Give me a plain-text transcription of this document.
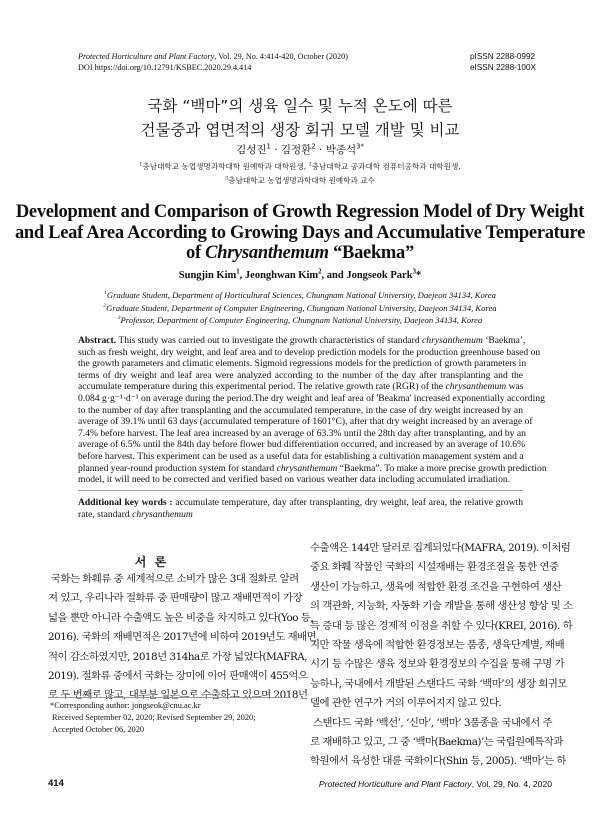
Protected Horticulture and Plant Factory, Vol. 29, No. 4:414-420, October (2020)
DOI https://doi.org/10.12791/KSBEC.2020.29.4.414
pISSN 2288-0992
eISSN 2288-100X
국화 “백마”의 생육 일수 및 누적 온도에 따른
건물중과 엽면적의 생장 회귀 모델 개발 및 비교
김성진$^1$ · 김정환$^2$ · 박종석$^{3*}$
$^1$충남대학교 농업생명과학대학 원예학과 대학원생, $^2$충남대학교 공과대학 컴퓨터공학과 대학원생,
$^3$충남대학교 농업생명과학대학 원예학과 교수
Development and Comparison of Growth Regression Model of Dry Weight
and Leaf Area According to Growing Days and Accumulative Temperature
of Chrysanthemum “Baekma”
Sungjin Kim$^1$, Jeonghwan Kim$^2$, and Jongseok Park$^3$*
$^1$Graduate Student, Department of Horticultural Sciences, Chungnam National University, Daejeon 34134, Korea
$^2$Graduate Student, Department of Computer Engineering, Chungnam National University, Daejeon 34134, Korea
$^3$Professor, Department of Computer Engineering, Chungnam National University, Daejeon 34134, Korea
Abstract. This study was carried out to investigate the growth characteristics of standard chrysanthemum ‘Baekma’,
such as fresh weight, dry weight, and leaf area and to develop prediction models for the production greenhouse based on
the growth parameters and climatic elements. Sigmoid regressions models for the prediction of growth parameters in
terms of dry weight and leaf area were analyzed according to the number of the day after transplanting and the
accumulate temperature during this experimental period. The relative growth rate (RGR) of the chrysanthemum was
0.084 g·g⁻¹·d⁻¹ on average during the period.The dry weight and leaf area of 'Beakma' increased exponentially according
to the number of day after transplanting and the accumulated temperature, in the case of dry weight increased by an
average of 39.1% until 63 days (accumulated temperature of 1601°C), after that dry weight increased by an average of
7.4% before harvest. The leaf area increased by an average of 63.3% until the 28th day after transplanting, and by an
average of 6.5% until the 84th day before flower bud differentiation occurred, and increased by an average of 10.6%
before harvest. This experiment can be used as a useful data for establishing a cultivation management system and a
planned year-round production system for standard chrysanthemum “Baekma”. To make a more precise growth prediction
model, it will need to be corrected and verified based on various weather data including accumulated irradiation.
Additional key words : accumulate temperature, day after transplanting, dry weight, leaf area, the relative growth
rate, standard chrysanthemum
서  론
국화는 화훼류 중 세계적으로 소비가 많은 3대 절화로 알려
져 있고, 우리나라 절화류 중 판매량이 많고 재배면적이 가장
넓을 뿐만 아니라 수출액도 높은 비중을 차지하고 있다(Yoo 등,
2016). 국화의 재배면적은 2017년에 비하여 2019년도 재배면
적이 감소하였지만, 2018년 314ha로 가장 넓었다(MAFRA,
2019). 절화류 중에서 국화는 장미에 이어 판매액이 455억으
로 두 번째로 많고, 대부분 일본으로 수출하고 있으며 2018년
수출액은 144만 달러로 집계되었다(MAFRA, 2019). 이처럼
중요 화훼 작물인 국화의 시설재배는 환경조절을 통한 연중
생산이 가능하고, 생육에 적합한 환경 조건을 구현하여 생산
의 객관화, 지능화, 자동화 기술 개발을 통해 생산성 향상 및 소
득 증대 등 많은 경제적 이점을 취할 수 있다(KREI, 2016). 하
지만 작물 생육에 적합한 환경정보는 품종, 생육단계별, 재배
시기 등 수많은 생육 정보와 환경정보의 수집을 통해 구명 가
능하나, 국내에서 개발된 스탠다드 국화 ‘백마’의 생장 회귀모
델에 관한 연구가 거의 이루어지지 않고 있다.
스탠다드 국화 ‘백선’, ‘신마’, ‘백마’ 3품종을 국내에서 주
로 재배하고 있고, 그 중 ‘백마(Baekma)’는 국립원예특작과
학원에서 육성한 대륜 국화이다(Shin 등, 2005). ‘백마’는 하
*Corresponding author: jongseok@cnu.ac.kr
Received September 02, 2020; Revised September 29, 2020;
Accepted October 06, 2020
414	Protected Horticulture and Plant Factory, Vol. 29, No. 4, 2020
